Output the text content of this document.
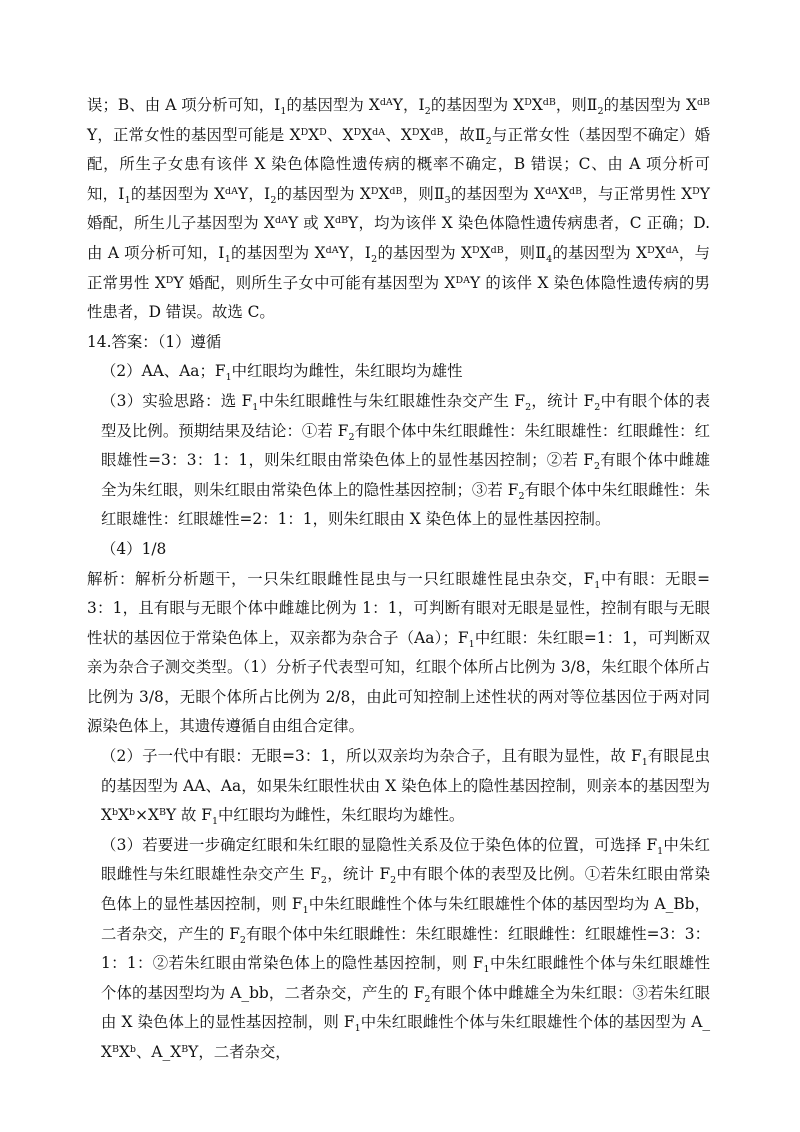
误；B、由 A 项分析可知，$Ⅰ_1$的基因型为 $X^{dA}Y$，$Ⅰ_2$的基因型为 $X^DX^{dB}$，则$Ⅱ_2$的基因型为 $X^{dB}Y$，正常女性的基因型可能是 $X^DX^D$、$X^DX^{dA}$、$X^DX^{dB}$，故$Ⅱ_2$与正常女性（基因型不确定）婚配，所生子女患有该伴 X 染色体隐性遗传病的概率不确定，B 错误；C、由 A 项分析可知，$Ⅰ_1$的基因型为 $X^{dA}Y$，$Ⅰ_2$的基因型为 $X^DX^{dB}$，则$Ⅱ_3$的基因型为 $X^{dA}X^{dB}$，与正常男性 $X^DY$ 婚配，所生儿子基因型为 $X^{dA}Y$ 或 $X^{dB}Y$，均为该伴 X 染色体隐性遗传病患者，C 正确；D.由 A 项分析可知，$Ⅰ_1$的基因型为 $X^{dA}Y$，$Ⅰ_2$的基因型为 $X^DX^{dB}$，则$Ⅱ_4$的基因型为 $X^DX^{dA}$，与正常男性 $X^DY$ 婚配，则所生子女中可能有基因型为 $X^{DA}Y$ 的该伴 X 染色体隐性遗传病的男性患者，D 错误。故选 C。

14.答案：（1）遵循

（2）AA、Aa；$F_1$中红眼均为雌性，朱红眼均为雄性

（3）实验思路：选 $F_1$中朱红眼雌性与朱红眼雄性杂交产生 $F_2$，统计 $F_2$中有眼个体的表型及比例。预期结果及结论：①若 $F_2$有眼个体中朱红眼雌性：朱红眼雄性：红眼雌性：红眼雄性=3：3：1：1，则朱红眼由常染色体上的显性基因控制；②若 $F_2$有眼个体中雌雄全为朱红眼，则朱红眼由常染色体上的隐性基因控制；③若 $F_2$有眼个体中朱红眼雌性：朱红眼雄性：红眼雄性=2：1：1，则朱红眼由 X 染色体上的显性基因控制。

（4）1/8

解析：解析分析题干，一只朱红眼雌性昆虫与一只红眼雄性昆虫杂交，$F_1$中有眼：无眼=3：1，且有眼与无眼个体中雌雄比例为 1：1，可判断有眼对无眼是显性，控制有眼与无眼性状的基因位于常染色体上，双亲都为杂合子（Aa）；$F_1$中红眼：朱红眼=1：1，可判断双亲为杂合子测交类型。（1）分析子代表型可知，红眼个体所占比例为 3/8，朱红眼个体所占比例为 3/8，无眼个体所占比例为 2/8，由此可知控制上述性状的两对等位基因位于两对同源染色体上，其遗传遵循自由组合定律。

（2）子一代中有眼：无眼=3：1，所以双亲均为杂合子，且有眼为显性，故 $F_1$有眼昆虫的基因型为 AA、Aa，如果朱红眼性状由 X 染色体上的隐性基因控制，则亲本的基因型为 $X^bX^b\times X^BY$ 故 $F_1$中红眼均为雌性，朱红眼均为雄性。

（3）若要进一步确定红眼和朱红眼的显隐性关系及位于染色体的位置，可选择 $F_1$中朱红眼雌性与朱红眼雄性杂交产生 $F_2$，统计 $F_2$中有眼个体的表型及比例。①若朱红眼由常染色体上的显性基因控制，则 $F_1$中朱红眼雌性个体与朱红眼雄性个体的基因型均为 A_Bb，二者杂交，产生的 $F_2$有眼个体中朱红眼雌性：朱红眼雄性：红眼雌性：红眼雄性=3：3：1：1：②若朱红眼由常染色体上的隐性基因控制，则 $F_1$中朱红眼雌性个体与朱红眼雄性个体的基因型均为 A_bb，二者杂交，产生的 $F_2$有眼个体中雌雄全为朱红眼：③若朱红眼由 X 染色体上的显性基因控制，则 $F_1$中朱红眼雌性个体与朱红眼雄性个体的基因型为 $A\_X^BX^b$、$A\_X^BY$，二者杂交，
